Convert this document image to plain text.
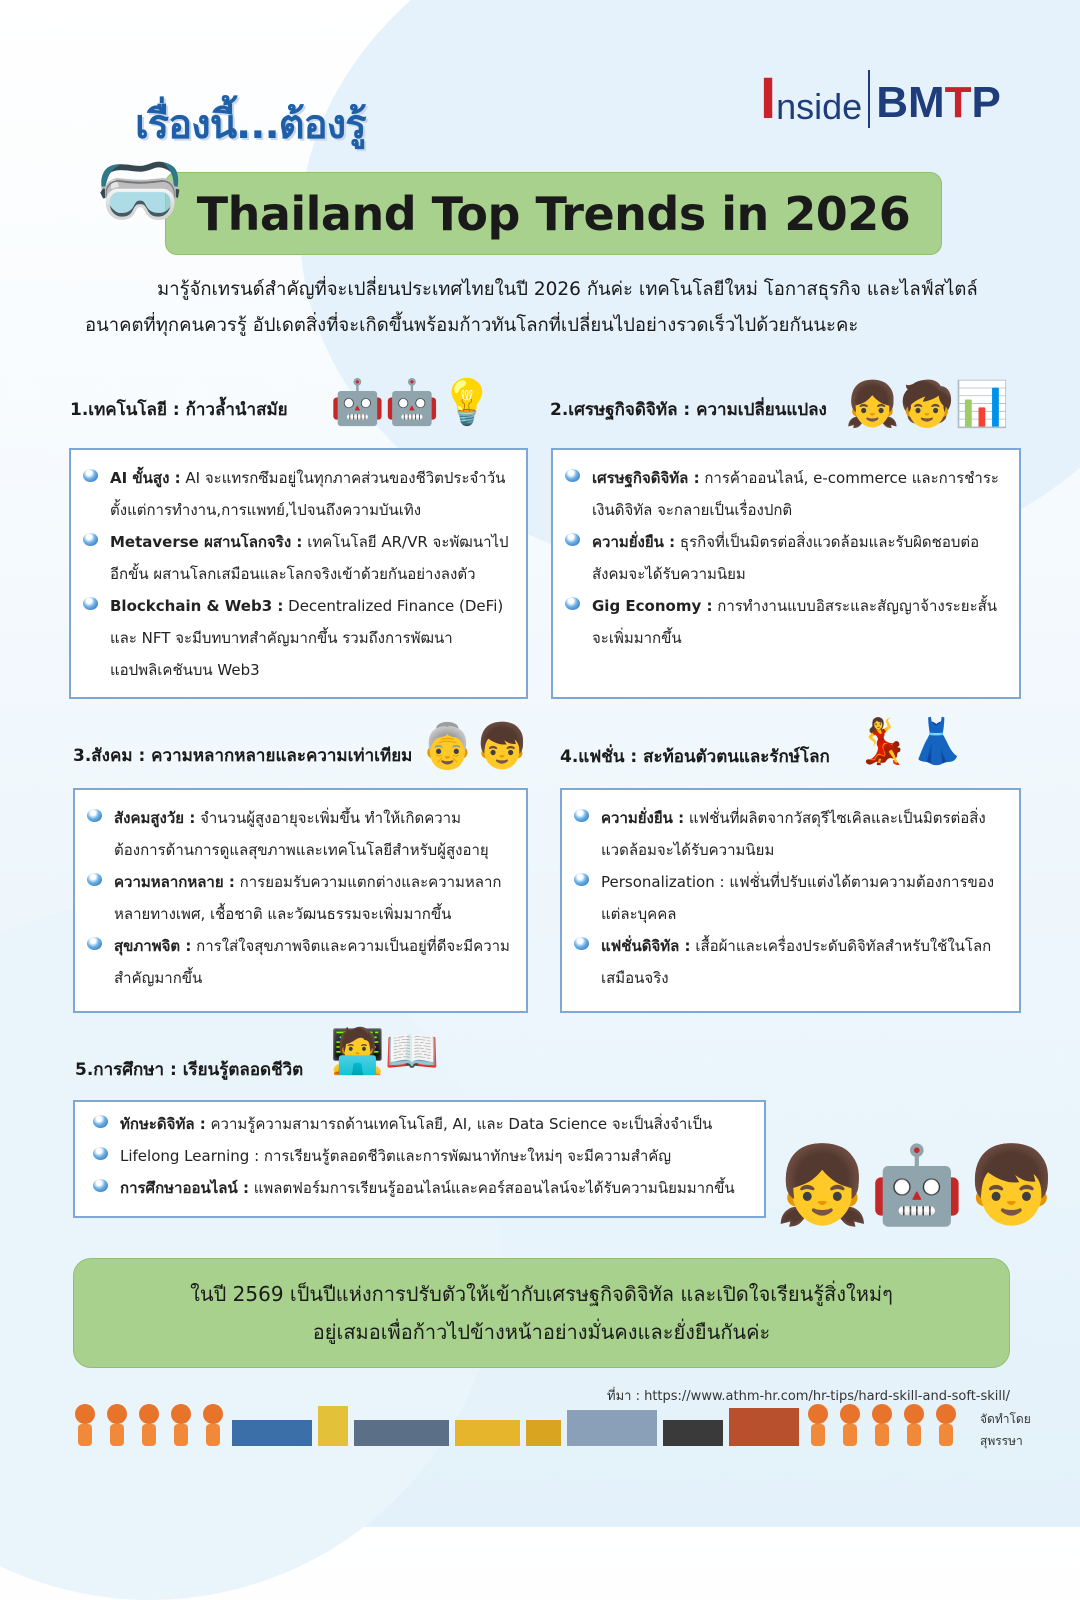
เรื่องนี้...ต้องรู้	I nside BMTP
Thailand Top Trends in 2026
🥽

มารู้จักเทรนด์สำคัญที่จะเปลี่ยนประเทศไทยในปี 2026 กันค่ะ เทคโนโลยีใหม่ โอกาสธุรกิจ และไลฟ์สไตล์

อนาคตที่ทุกคนควรรู้ อัปเดตสิ่งที่จะเกิดขึ้นพร้อมก้าวทันโลกที่เปลี่ยนไปอย่างรวดเร็วไปด้วยกันนะคะ

1.เทคโนโลยี : ก้าวล้ำนำสมัย 🤖🤖💡
AI ขั้นสูง : AI จะแทรกซึมอยู่ในทุกภาคส่วนของชีวิตประจำวัน ตั้งแต่การทำงาน,การแพทย์,ไปจนถึงความบันเทิง
Metaverse ผสานโลกจริง : เทคโนโลยี AR/VR จะพัฒนาไปอีกขั้น ผสานโลกเสมือนและโลกจริงเข้าด้วยกันอย่างลงตัว
Blockchain & Web3 : Decentralized Finance (DeFi) และ NFT จะมีบทบาทสำคัญมากขึ้น รวมถึงการพัฒนาแอปพลิเคชันบน Web3
2.เศรษฐกิจดิจิทัล : ความเปลี่ยนแปลง 👧🧒📊
เศรษฐกิจดิจิทัล : การค้าออนไลน์, e-commerce และการชำระเงินดิจิทัล จะกลายเป็นเรื่องปกติ
ความยั่งยืน : ธุรกิจที่เป็นมิตรต่อสิ่งแวดล้อมและรับผิดชอบต่อสังคมจะได้รับความนิยม
Gig Economy : การทำงานแบบอิสระและสัญญาจ้างระยะสั้นจะเพิ่มมากขึ้น
3.สังคม : ความหลากหลายและความเท่าเทียม 👵👦
สังคมสูงวัย : จำนวนผู้สูงอายุจะเพิ่มขึ้น ทำให้เกิดความต้องการด้านการดูแลสุขภาพและเทคโนโลยีสำหรับผู้สูงอายุ
ความหลากหลาย : การยอมรับความแตกต่างและความหลากหลายทางเพศ, เชื้อชาติ และวัฒนธรรมจะเพิ่มมากขึ้น
สุขภาพจิต : การใส่ใจสุขภาพจิตและความเป็นอยู่ที่ดีจะมีความสำคัญมากขึ้น
4.แฟชั่น : สะท้อนตัวตนและรักษ์โลก 💃👗
ความยั่งยืน : แฟชั่นที่ผลิตจากวัสดุรีไซเคิลและเป็นมิตรต่อสิ่งแวดล้อมจะได้รับความนิยม
Personalization : แฟชั่นที่ปรับแต่งได้ตามความต้องการของแต่ละบุคคล
แฟชั่นดิจิทัล : เสื้อผ้าและเครื่องประดับดิจิทัลสำหรับใช้ในโลกเสมือนจริง
5.การศึกษา : เรียนรู้ตลอดชีวิต 🧑‍💻📖
ทักษะดิจิทัล : ความรู้ความสามารถด้านเทคโนโลยี, AI, และ Data Science จะเป็นสิ่งจำเป็น
Lifelong Learning : การเรียนรู้ตลอดชีวิตและการพัฒนาทักษะใหม่ๆ จะมีความสำคัญ
การศึกษาออนไลน์ : แพลตฟอร์มการเรียนรู้ออนไลน์และคอร์สออนไลน์จะได้รับความนิยมมากขึ้น 👧🤖👦
ในปี 2569 เป็นปีแห่งการปรับตัวให้เข้ากับเศรษฐกิจดิจิทัล และเปิดใจเรียนรู้สิ่งใหม่ๆ
อยู่เสมอเพื่อก้าวไปข้างหน้าอย่างมั่นคงและยั่งยืนกันค่ะ
ที่มา : https://www.athm-hr.com/hr-tips/hard-skill-and-soft-skill/
จัดทำโดย
สุพรรษา
